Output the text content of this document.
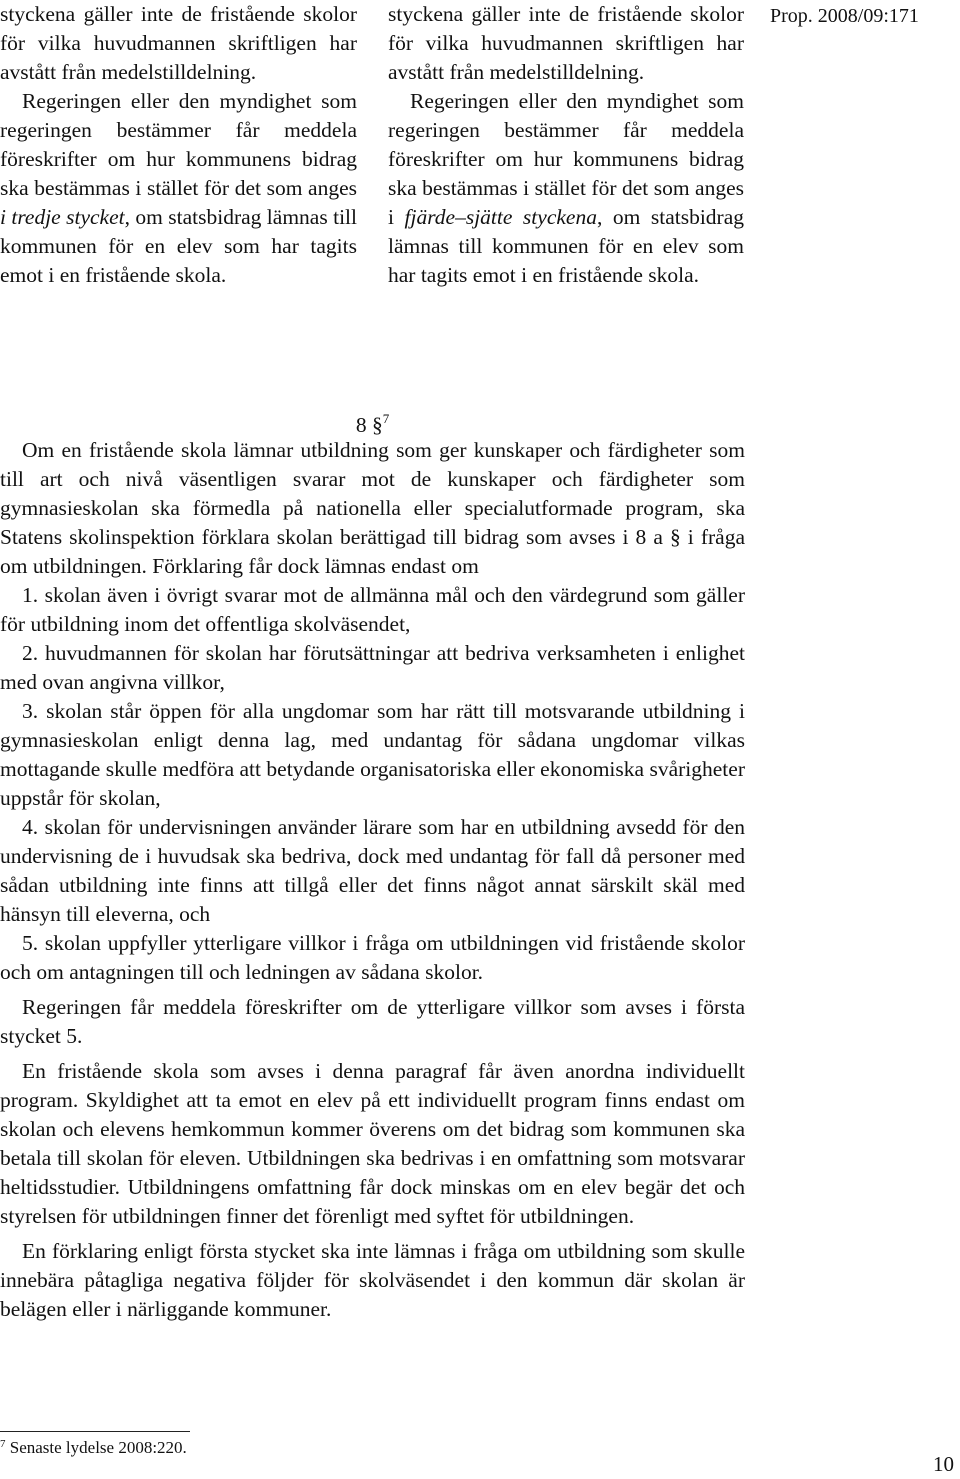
styckena gäller inte de fristående skolor för vilka huvudmannen skriftligen har avstått från medelstilldelning.

Regeringen eller den myndighet som regeringen bestämmer får meddela föreskrifter om hur kommunens bidrag ska bestämmas i stället för det som anges i tredje stycket, om statsbidrag lämnas till kommunen för en elev som har tagits emot i en fristående skola.

styckena gäller inte de fristående skolor för vilka huvudmannen skriftligen har avstått från medelstilldelning.

Regeringen eller den myndighet som regeringen bestämmer får meddela föreskrifter om hur kommunens bidrag ska bestämmas i stället för det som anges i fjärde–sjätte styckena, om statsbidrag lämnas till kommunen för en elev som har tagits emot i en fristående skola.

Prop. 2008/09:171
8 §$^7$

Om en fristående skola lämnar utbildning som ger kunskaper och färdigheter som till art och nivå väsentligen svarar mot de kunskaper och färdigheter som gymnasieskolan ska förmedla på nationella eller specialutformade program, ska Statens skolinspektion förklara skolan berättigad till bidrag som avses i 8 a § i fråga om utbildningen. Förklaring får dock lämnas endast om

1. skolan även i övrigt svarar mot de allmänna mål och den värdegrund som gäller för utbildning inom det offentliga skolväsendet,

2. huvudmannen för skolan har förutsättningar att bedriva verksamheten i enlighet med ovan angivna villkor,

3. skolan står öppen för alla ungdomar som har rätt till motsvarande utbildning i gymnasieskolan enligt denna lag, med undantag för sådana ungdomar vilkas mottagande skulle medföra att betydande organisatoriska eller ekonomiska svårigheter uppstår för skolan,

4. skolan för undervisningen använder lärare som har en utbildning avsedd för den undervisning de i huvudsak ska bedriva, dock med undantag för fall då personer med sådan utbildning inte finns att tillgå eller det finns något annat särskilt skäl med hänsyn till eleverna, och

5. skolan uppfyller ytterligare villkor i fråga om utbildningen vid fristående skolor och om antagningen till och ledningen av sådana skolor.

Regeringen får meddela föreskrifter om de ytterligare villkor som avses i första stycket 5.

En fristående skola som avses i denna paragraf får även anordna individuellt program. Skyldighet att ta emot en elev på ett individuellt program finns endast om skolan och elevens hemkommun kommer överens om det bidrag som kommunen ska betala till skolan för eleven. Utbildningen ska bedrivas i en omfattning som motsvarar heltidsstudier. Utbildningens omfattning får dock minskas om en elev begär det och styrelsen för utbildningen finner det förenligt med syftet för utbildningen.

En förklaring enligt första stycket ska inte lämnas i fråga om utbildning som skulle innebära påtagliga negativa följder för skolväsendet i den kommun där skolan är belägen eller i närliggande kommuner.

$^7$ Senaste lydelse 2008:220.
10
